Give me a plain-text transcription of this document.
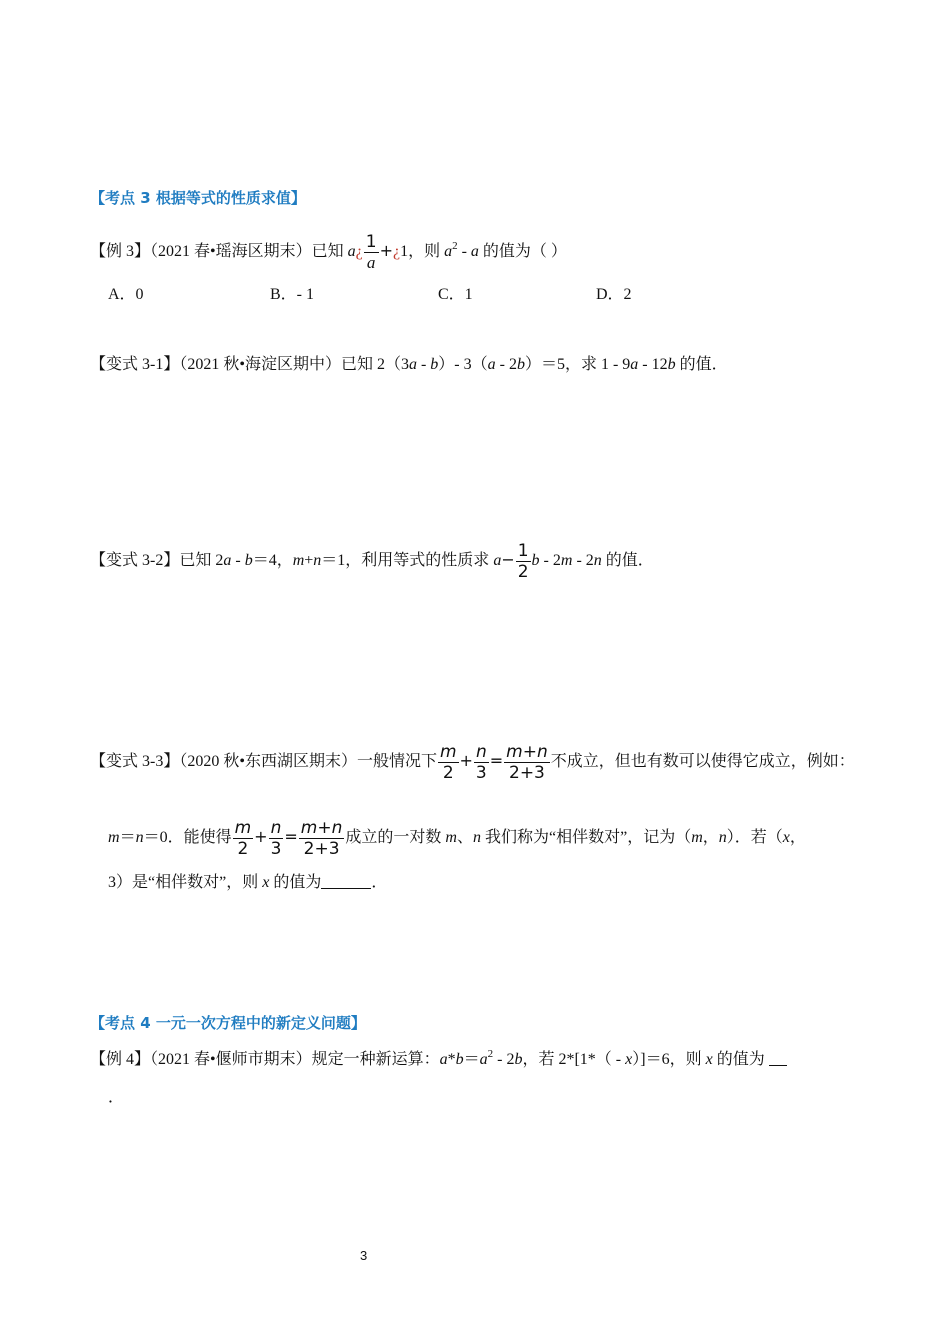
【考点 3 根据等式的性质求值】
【例 3】（2021 春•瑶海区期末）已知 a¿ $\frac{1}{a}$ +¿1，则 $a^2$ ‐ a 的值为（ ）
A．0	B．‐ 1	C．1	D．2
【变式 3-1】（2021 秋•海淀区期中）已知 2（3a ‐ b）‐ 3（a ‐ 2b）＝5，求 1 ‐ 9a ‐ 12b 的值．
【变式 3-2】已知 2a ‐ b＝4，m+n＝1，利用等式的性质求 $a- \frac{1}{2}$ b ‐ 2m ‐ 2n 的值．
【变式 3-3】（2020 秋•东西湖区期末）一般情况下 $\frac{m}{2} + \frac{n}{3} = \frac{m+n}{2+3}$ 不成立，但也有数可以使得它成立，例如：
m＝n＝0．能使得 $\frac{m}{2} + \frac{n}{3} = \frac{m+n}{2+3}$ 成立的一对数 m、n 我们称为“相伴数对”，记为（m，n）．若（x，
3）是“相伴数对”，则 x 的值为	．
【考点 4 一元一次方程中的新定义问题】
【例 4】（2021 春•偃师市期末）规定一种新运算：$a*b=a^2$ ‐ 2b，若 2*[1*（ ‐ x）]＝6，则 x 的值为
．
3
